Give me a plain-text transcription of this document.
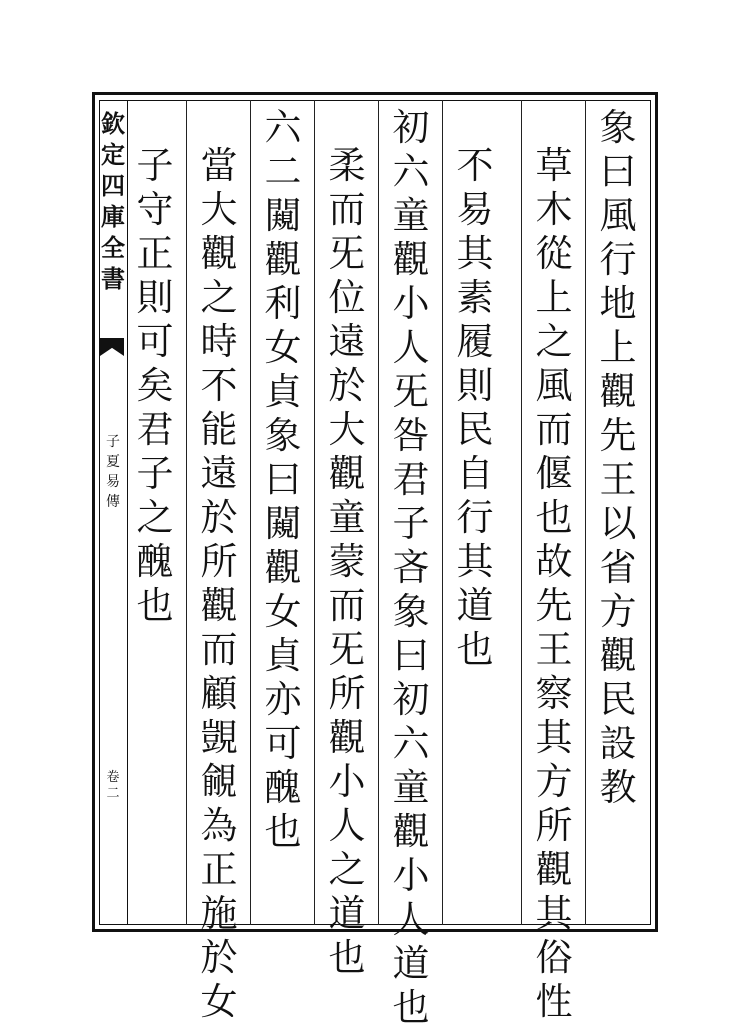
欽
定
四
庫
全
書
子
夏
易
傳
卷
二
象
曰
風
行
地
上
觀
先
王
以
省
方
觀
民
設
教
草
木
從
上
之
風
而
偃
也
故
先
王
察
其
方
所
觀
其
俗
性
不
易
其
素
履
則
民
自
行
其
道
也
初
六
童
觀
小
人
旡
咎
君
子
吝
象
曰
初
六
童
觀
小
人
道
也
柔
而
旡
位
遠
於
大
觀
童
蒙
而
旡
所
觀
小
人
之
道
也
六
二
闚
觀
利
女
貞
象
曰
闚
觀
女
貞
亦
可
醜
也
當
大
觀
之
時
不
能
遠
於
所
觀
而
顧
覬
覦
為
正
施
於
女
子
守
正
則
可
矣
君
子
之
醜
也
